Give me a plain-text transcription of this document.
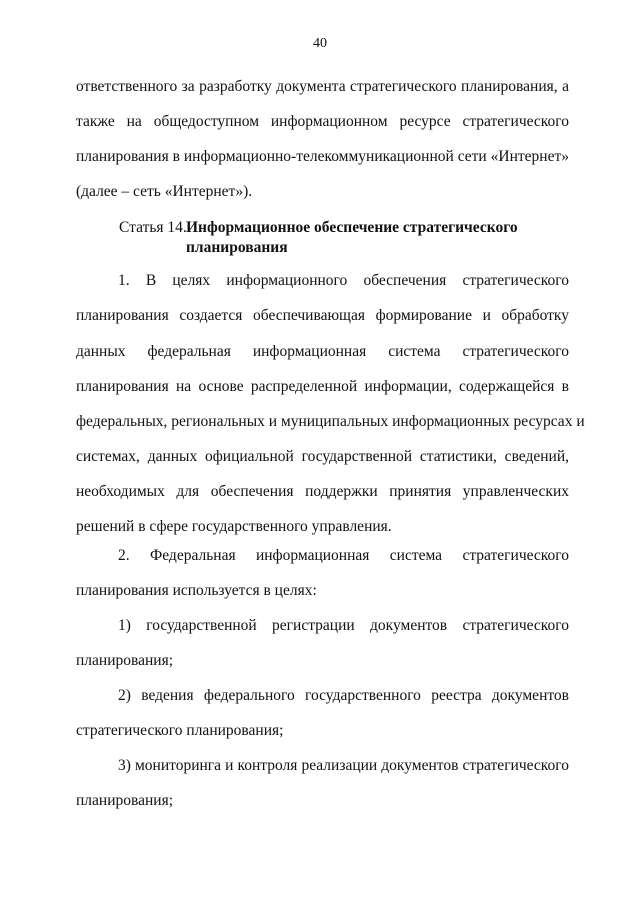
40
ответственного за разработку документа стратегического планирования, а
также на общедоступном информационном ресурсе стратегического
планирования в информационно-телекоммуникационной сети «Интернет»
(далее – сеть «Интернет»).
Статья 14. Информационное обеспечение стратегического
планирования
1. В целях информационного обеспечения стратегического
планирования создается обеспечивающая формирование и обработку
данных федеральная информационная система стратегического
планирования на основе распределенной информации, содержащейся в
федеральных, региональных и муниципальных информационных ресурсах и
системах, данных официальной государственной статистики, сведений,
необходимых для обеспечения поддержки принятия управленческих
решений в сфере государственного управления.
2. Федеральная информационная система стратегического
планирования используется в целях:
1) государственной регистрации документов стратегического
планирования;
2) ведения федерального государственного реестра документов
стратегического планирования;
3) мониторинга и контроля реализации документов стратегического
планирования;
